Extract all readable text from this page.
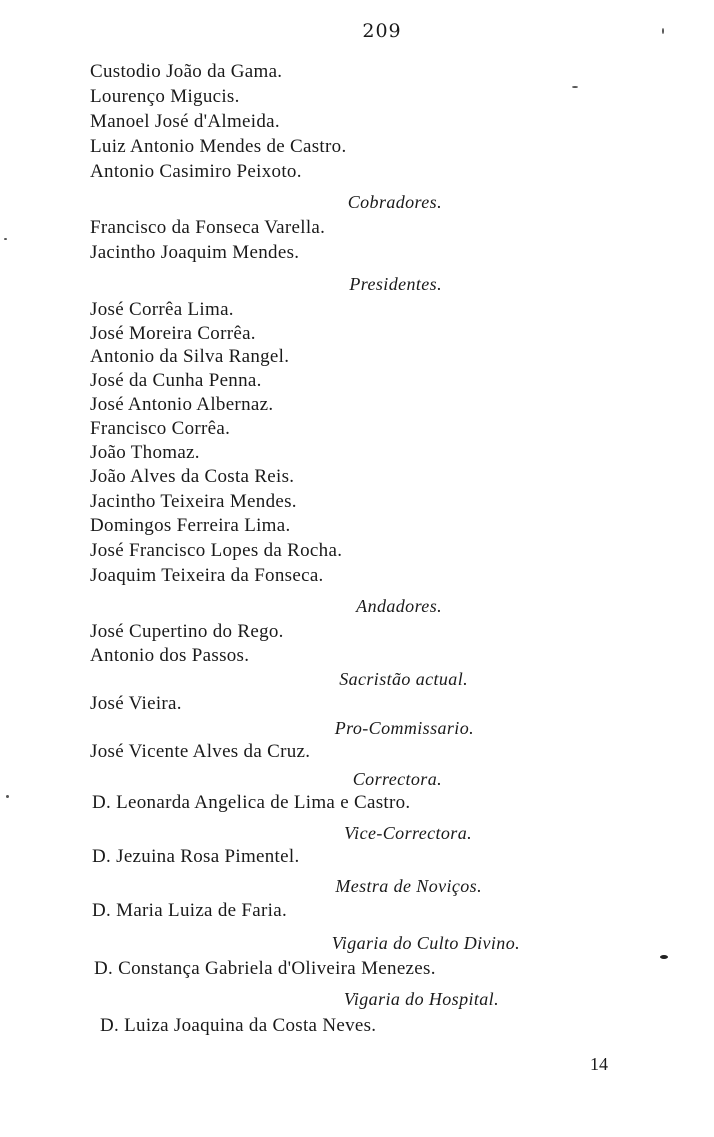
209
Custodio João da Gama.
Lourenço Migucis.
Manoel José d'Almeida.
Luiz Antonio Mendes de Castro.
Antonio Casimiro Peixoto.
Cobradores.
Francisco da Fonseca Varella.
Jacintho Joaquim Mendes.
Presidentes.
José Corrêa Lima.
José Moreira Corrêa.
Antonio da Silva Rangel.
José da Cunha Penna.
José Antonio Albernaz.
Francisco Corrêa.
João Thomaz.
João Alves da Costa Reis.
Jacintho Teixeira Mendes.
Domingos Ferreira Lima.
José Francisco Lopes da Rocha.
Joaquim Teixeira da Fonseca.
Andadores.
José Cupertino do Rego.
Antonio dos Passos.
Sacristão actual.
José Vieira.
Pro-Commissario.
José Vicente Alves da Cruz.
Correctora.
D. Leonarda Angelica de Lima e Castro.
Vice-Correctora.
D. Jezuina Rosa Pimentel.
Mestra de Noviços.
D. Maria Luiza de Faria.
Vigaria do Culto Divino.
D. Constança Gabriela d'Oliveira Menezes.
Vigaria do Hospital.
D. Luiza Joaquina da Costa Neves.
14
